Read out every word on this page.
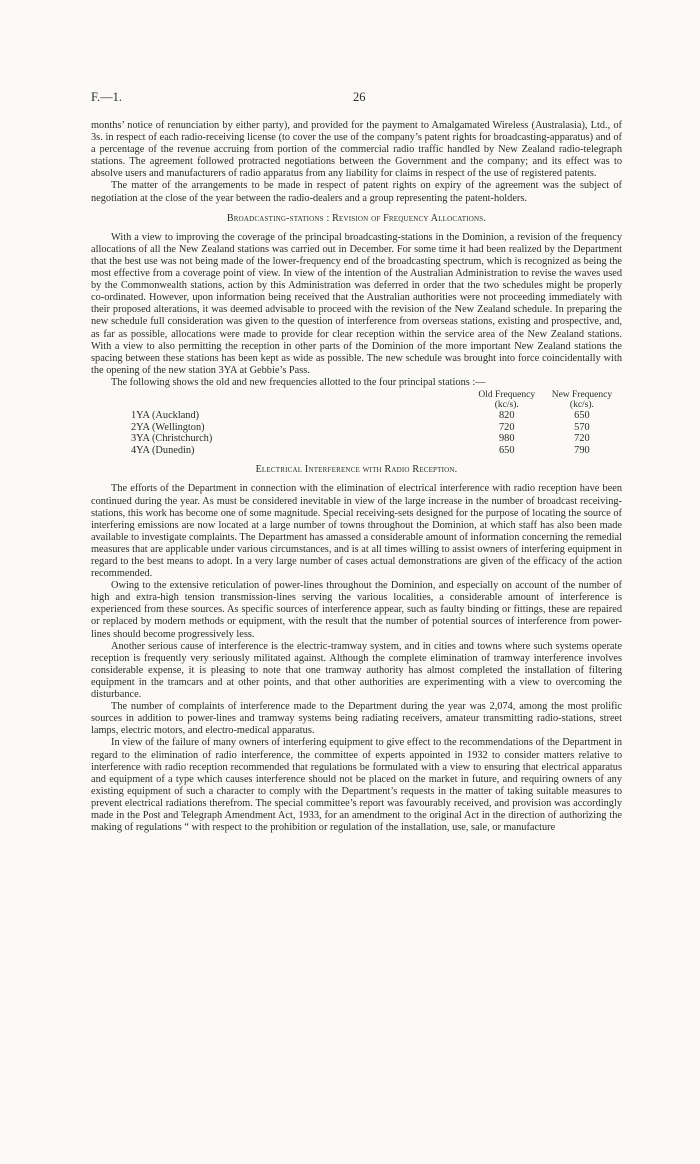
F.—1.	26

months’ notice of renunciation by either party), and provided for the payment to Amalgamated Wireless (Australasia), Ltd., of 3s. in respect of each radio-receiving license (to cover the use of the company’s patent rights for broadcasting-apparatus) and of a percentage of the revenue accruing from portion of the commercial radio traffic handled by New Zealand radio-telegraph stations. The agreement followed protracted negotiations between the Government and the company; and its effect was to absolve users and manufacturers of radio apparatus from any liability for claims in respect of the use of registered patents.

The matter of the arrangements to be made in respect of patent rights on expiry of the agreement was the subject of negotiation at the close of the year between the radio-dealers and a group representing the patent-holders.

Broadcasting-stations : Revision of Frequency Allocations.

With a view to improving the coverage of the principal broadcasting-stations in the Dominion, a revision of the frequency allocations of all the New Zealand stations was carried out in December. For some time it had been realized by the Department that the best use was not being made of the lower-frequency end of the broadcasting spectrum, which is recognized as being the most effective from a coverage point of view. In view of the intention of the Australian Administration to revise the waves used by the Commonwealth stations, action by this Administration was deferred in order that the two schedules might be properly co-ordinated. However, upon information being received that the Australian authorities were not proceeding immediately with their proposed alterations, it was deemed advisable to proceed with the revision of the New Zealand schedule. In preparing the new schedule full consideration was given to the question of interference from overseas stations, existing and prospective, and, as far as possible, allocations were made to provide for clear reception within the service area of the New Zealand stations. With a view to also permitting the reception in other parts of the Dominion of the more important New Zealand stations the spacing between these stations has been kept as wide as possible. The new schedule was brought into force coincidentally with the opening of the new station 3YA at Gebbie’s Pass.

The following shows the old and new frequencies allotted to the four principal stations :—

	Old Frequency (kc/s).	New Frequency (kc/s).
1YA (Auckland)	820	650
2YA (Wellington)	720	570
3YA (Christchurch)	980	720
4YA (Dunedin)	650	790
Electrical Interference with Radio Reception.

The efforts of the Department in connection with the elimination of electrical interference with radio reception have been continued during the year. As must be considered inevitable in view of the large increase in the number of broadcast receiving-stations, this work has become one of some magnitude. Special receiving-sets designed for the purpose of locating the source of interfering emissions are now located at a large number of towns throughout the Dominion, at which staff has also been made available to investigate complaints. The Department has amassed a considerable amount of information concerning the remedial measures that are applicable under various circumstances, and is at all times willing to assist owners of interfering equipment in regard to the best means to adopt. In a very large number of cases actual demonstrations are given of the efficacy of the action recommended.

Owing to the extensive reticulation of power-lines throughout the Dominion, and especially on account of the number of high and extra-high tension transmission-lines serving the various localities, a considerable amount of interference is experienced from these sources. As specific sources of interference appear, such as faulty binding or fittings, these are repaired or replaced by modern methods or equipment, with the result that the number of potential sources of interference from power-lines should become progressively less.

Another serious cause of interference is the electric-tramway system, and in cities and towns where such systems operate reception is frequently very seriously militated against. Although the complete elimination of tramway interference involves considerable expense, it is pleasing to note that one tramway authority has almost completed the installation of filtering equipment in the tramcars and at other points, and that other authorities are experimenting with a view to overcoming the disturbance.

The number of complaints of interference made to the Department during the year was 2,074, among the most prolific sources in addition to power-lines and tramway systems being radiating receivers, amateur transmitting radio-stations, street lamps, electric motors, and electro-medical apparatus.

In view of the failure of many owners of interfering equipment to give effect to the recommendations of the Department in regard to the elimination of radio interference, the committee of experts appointed in 1932 to consider matters relative to interference with radio reception recommended that regulations be formulated with a view to ensuring that electrical apparatus and equipment of a type which causes interference should not be placed on the market in future, and requiring owners of any existing equipment of such a character to comply with the Department’s requests in the matter of taking suitable measures to prevent electrical radiations therefrom. The special committee’s report was favourably received, and provision was accordingly made in the Post and Telegraph Amendment Act, 1933, for an amendment to the original Act in the direction of authorizing the making of regulations “ with respect to the prohibition or regulation of the installation, use, sale, or manufacture
